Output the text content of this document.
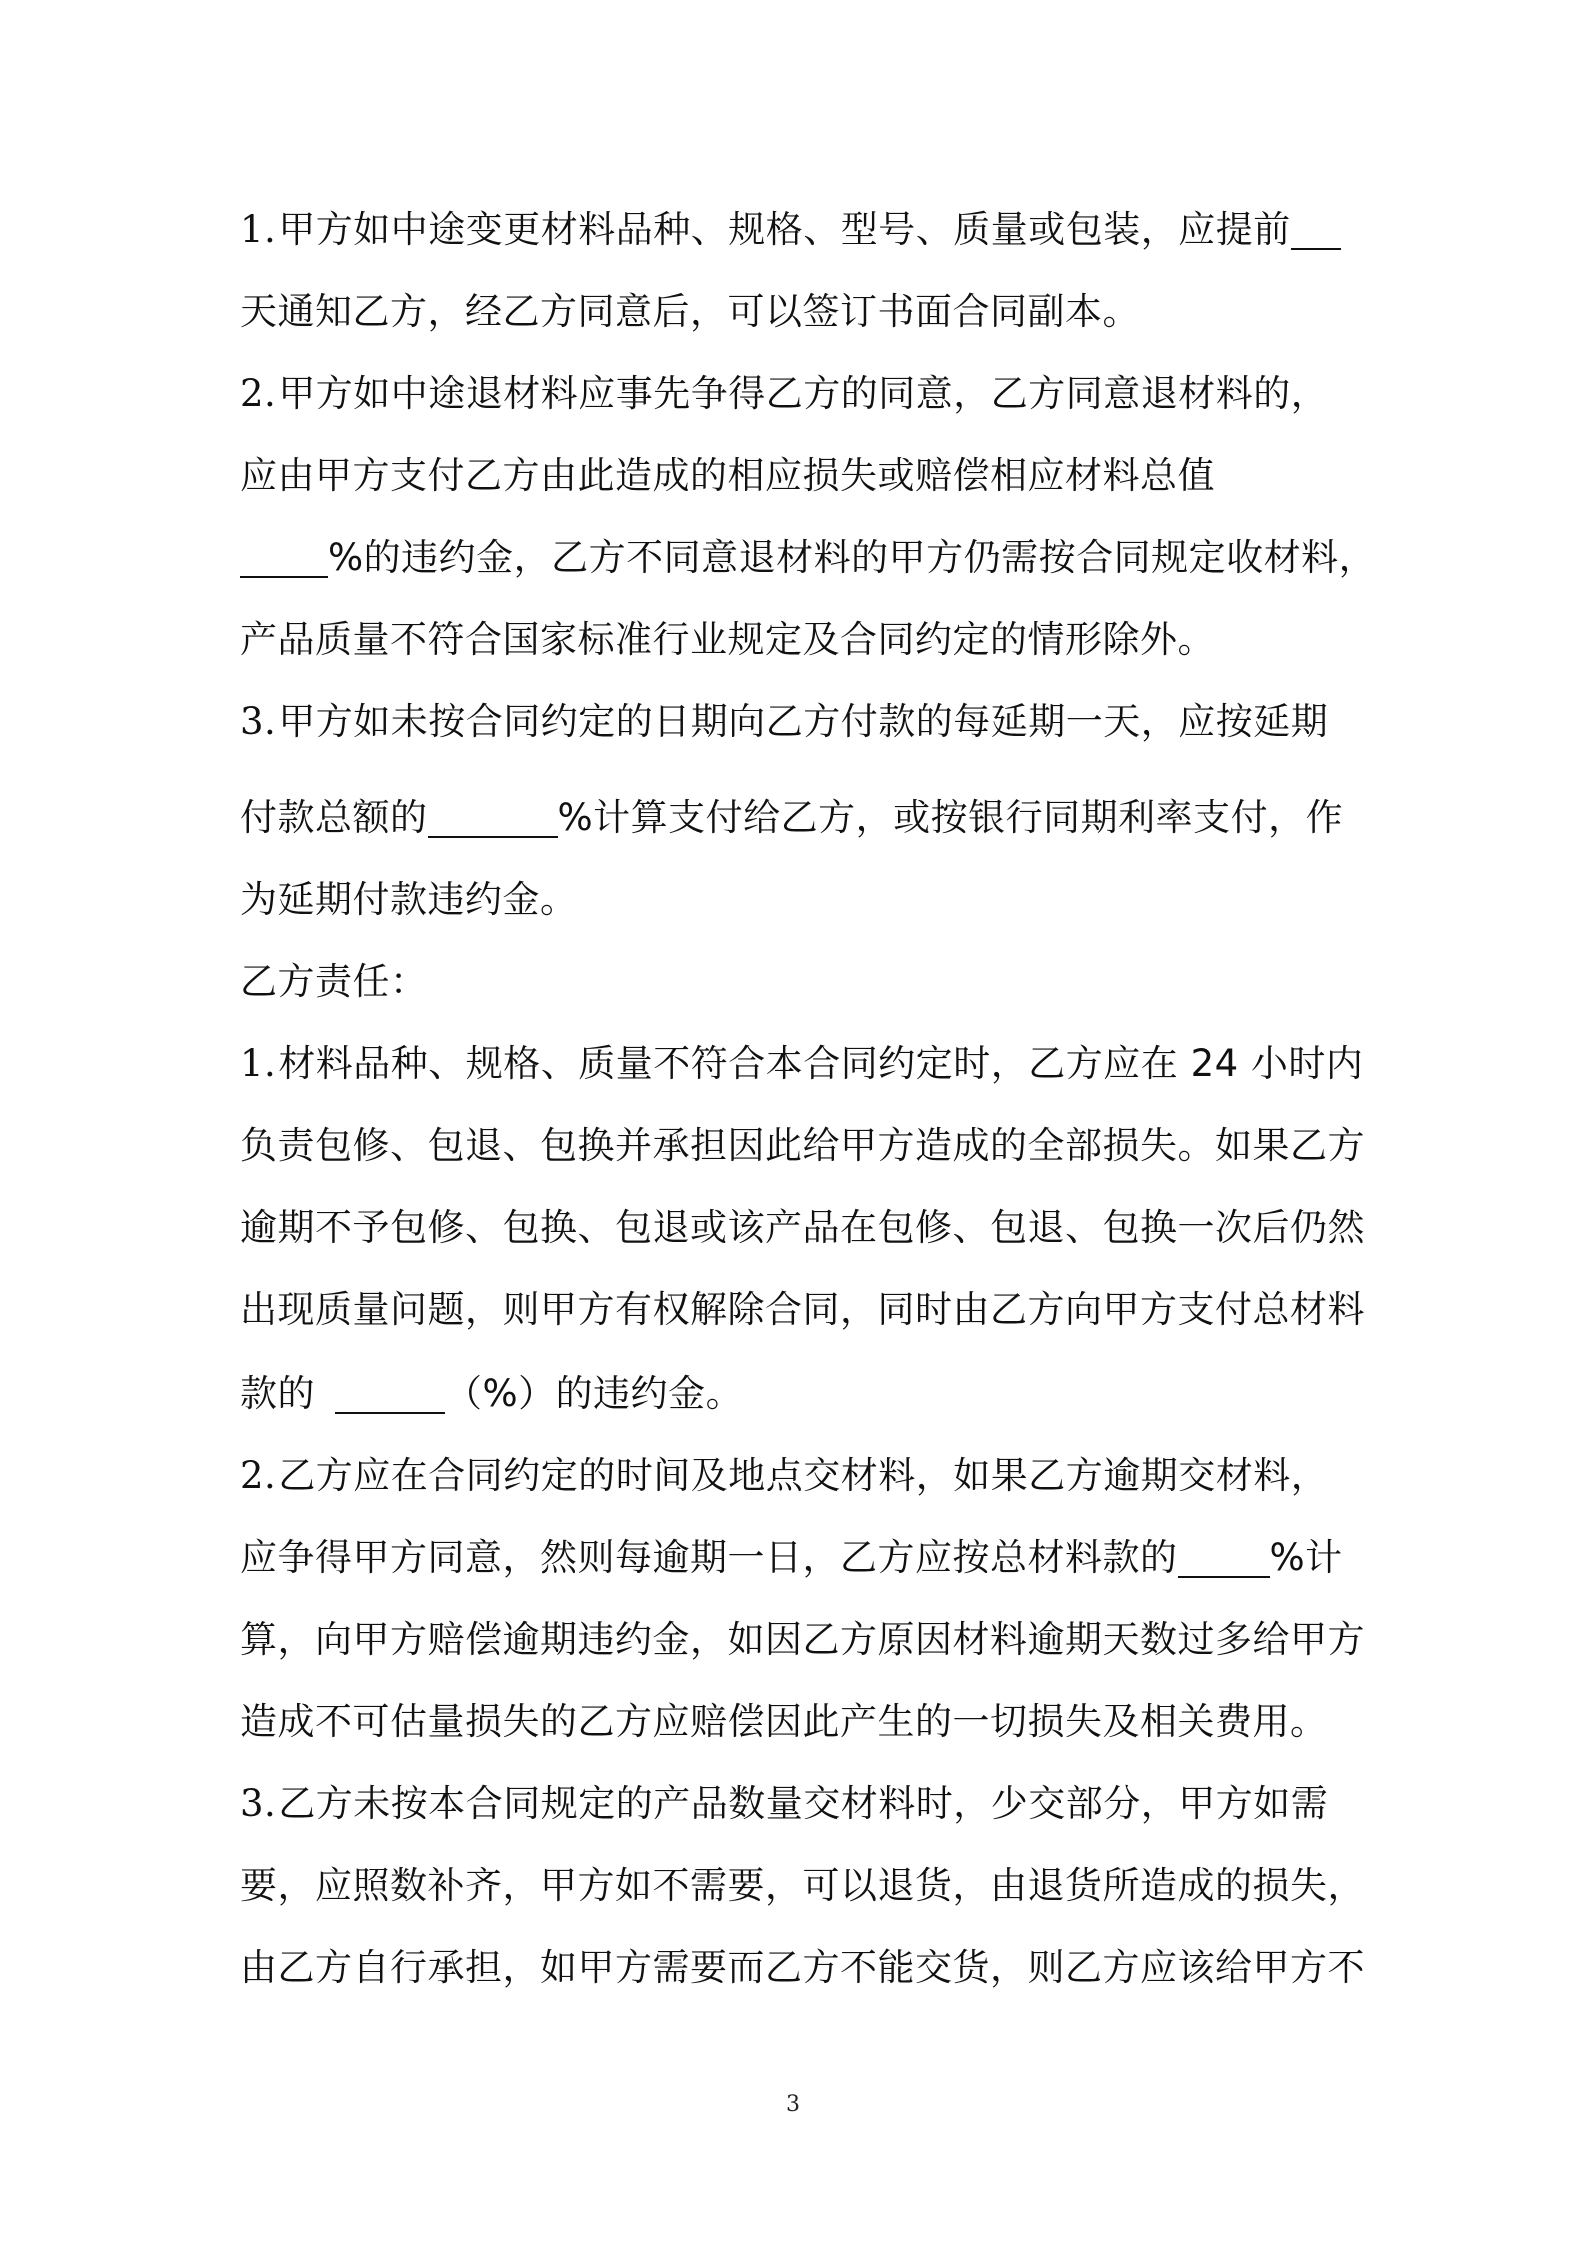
1.甲方如中途变更材料品种、规格、型号、质量或包装，应提前
天通知乙方，经乙方同意后，可以签订书面合同副本。
2.甲方如中途退材料应事先争得乙方的同意，乙方同意退材料的，
应由甲方支付乙方由此造成的相应损失或赔偿相应材料总值
%的违约金，乙方不同意退材料的甲方仍需按合同规定收材料，
产品质量不符合国家标准行业规定及合同约定的情形除外。
3.甲方如未按合同约定的日期向乙方付款的每延期一天，应按延期
付款总额的	%计算支付给乙方，或按银行同期利率支付，作
为延期付款违约金。
乙方责任：
1.材料品种、规格、质量不符合本合同约定时，乙方应在 24 小时内
负责包修、包退、包换并承担因此给甲方造成的全部损失。如果乙方
逾期不予包修、包换、包退或该产品在包修、包退、包换一次后仍然
出现质量问题，则甲方有权解除合同，同时由乙方向甲方支付总材料
款的	（%）的违约金。
2.乙方应在合同约定的时间及地点交材料，如果乙方逾期交材料，
应争得甲方同意，然则每逾期一日，乙方应按总材料款的 %计
算，向甲方赔偿逾期违约金，如因乙方原因材料逾期天数过多给甲方
造成不可估量损失的乙方应赔偿因此产生的一切损失及相关费用。
3.乙方未按本合同规定的产品数量交材料时，少交部分，甲方如需
要，应照数补齐，甲方如不需要，可以退货，由退货所造成的损失，
由乙方自行承担，如甲方需要而乙方不能交货，则乙方应该给甲方不
3
